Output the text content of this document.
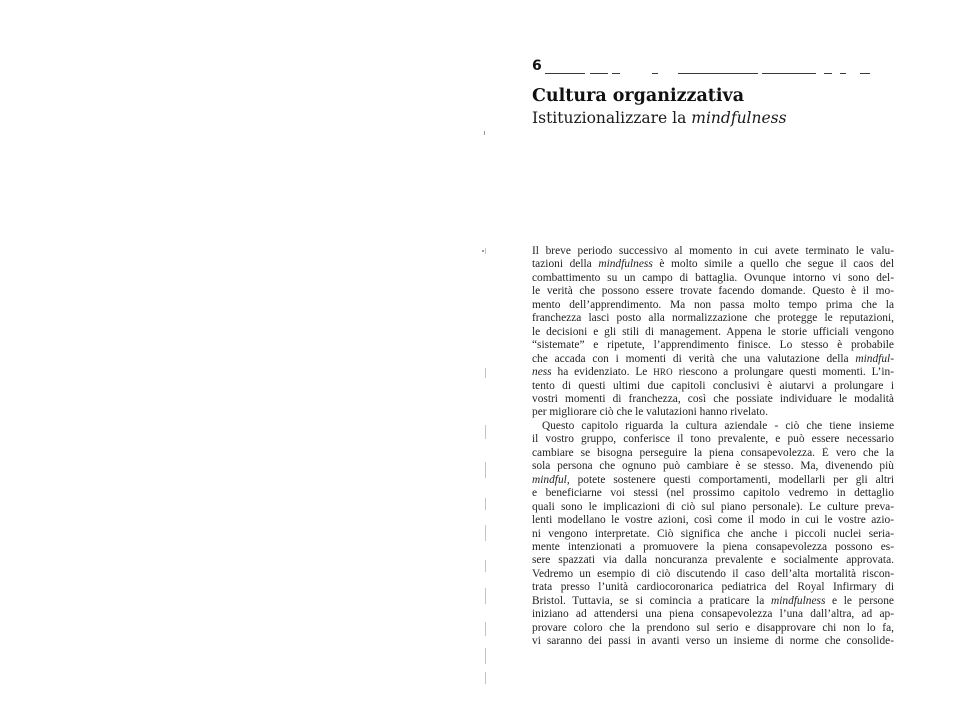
6
Cultura organizzativa
Istituzionalizzare la mindfulness
Il breve periodo successivo al momento in cui avete terminato le valu-
tazioni della mindfulness è molto simile a quello che segue il caos del
combattimento su un campo di battaglia. Ovunque intorno vi sono del-
le verità che possono essere trovate facendo domande. Questo è il mo-
mento dell’apprendimento. Ma non passa molto tempo prima che la
franchezza lasci posto alla normalizzazione che protegge le reputazioni,
le decisioni e gli stili di management. Appena le storie ufficiali vengono
“sistemate” e ripetute, l’apprendimento finisce. Lo stesso è probabile
che accada con i momenti di verità che una valutazione della mindful-
ness ha evidenziato. Le HRO riescono a prolungare questi momenti. L’in-
tento di questi ultimi due capitoli conclusivi è aiutarvi a prolungare i
vostri momenti di franchezza, così che possiate individuare le modalità
per migliorare ciò che le valutazioni hanno rivelato.
Questo capitolo riguarda la cultura aziendale - ciò che tiene insieme
il vostro gruppo, conferisce il tono prevalente, e può essere necessario
cambiare se bisogna perseguire la piena consapevolezza. È vero che la
sola persona che ognuno può cambiare è se stesso. Ma, divenendo più
mindful, potete sostenere questi comportamenti, modellarli per gli altri
e beneficiarne voi stessi (nel prossimo capitolo vedremo in dettaglio
quali sono le implicazioni di ciò sul piano personale). Le culture preva-
lenti modellano le vostre azioni, così come il modo in cui le vostre azio-
ni vengono interpretate. Ciò significa che anche i piccoli nuclei seria-
mente intenzionati a promuovere la piena consapevolezza possono es-
sere spazzati via dalla noncuranza prevalente e socialmente approvata.
Vedremo un esempio di ciò discutendo il caso dell’alta mortalità riscon-
trata presso l’unità cardiocoronarica pediatrica del Royal Infirmary di
Bristol. Tuttavia, se si comincia a praticare la mindfulness e le persone
iniziano ad attendersi una piena consapevolezza l’una dall’altra, ad ap-
provare coloro che la prendono sul serio e disapprovare chi non lo fa,
vi saranno dei passi in avanti verso un insieme di norme che consolide-
